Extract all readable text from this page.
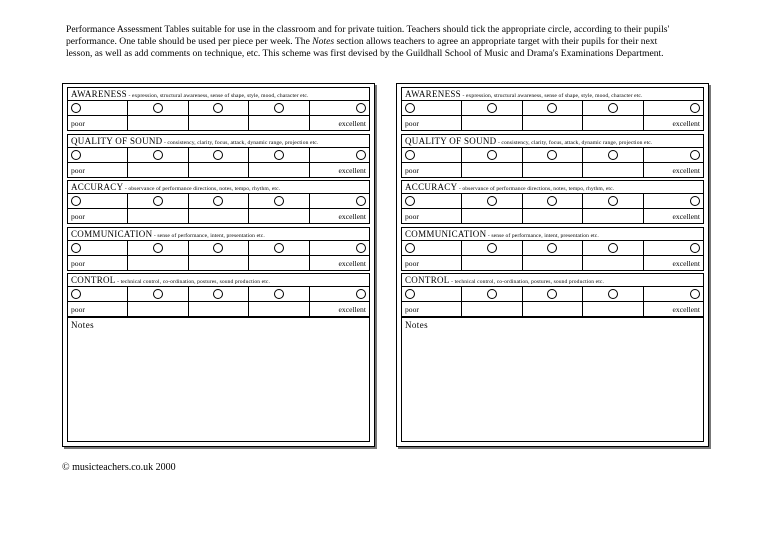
Performance Assessment Tables suitable for use in the classroom and for private tuition. Teachers should tick the appropriate circle, according to their pupils'
performance. One table should be used per piece per week. The Notes section allows teachers to agree an appropriate target with their pupils for their next
lesson, as well as add comments on technique, etc. This scheme was first devised by the Guildhall School of Music and Drama's Examinations Department.
AWARENESS - expression, structural awareness, sense of shape, style, mood, character etc.
poor	excellent
QUALITY OF SOUND - consistency, clarity, focus, attack, dynamic range, projection etc.
poor	excellent
ACCURACY - observance of performance directions, notes, tempo, rhythm, etc.
poor	excellent
COMMUNICATION - sense of performance, intent, presentation etc.
poor	excellent
CONTROL - technical control, co-ordination, postures, sound production etc.
poor	excellent
Notes
AWARENESS - expression, structural awareness, sense of shape, style, mood, character etc.
poor	excellent
QUALITY OF SOUND - consistency, clarity, focus, attack, dynamic range, projection etc.
poor	excellent
ACCURACY - observance of performance directions, notes, tempo, rhythm, etc.
poor	excellent
COMMUNICATION - sense of performance, intent, presentation etc.
poor	excellent
CONTROL - technical control, co-ordination, postures, sound production etc.
poor	excellent
Notes
© musicteachers.co.uk 2000
